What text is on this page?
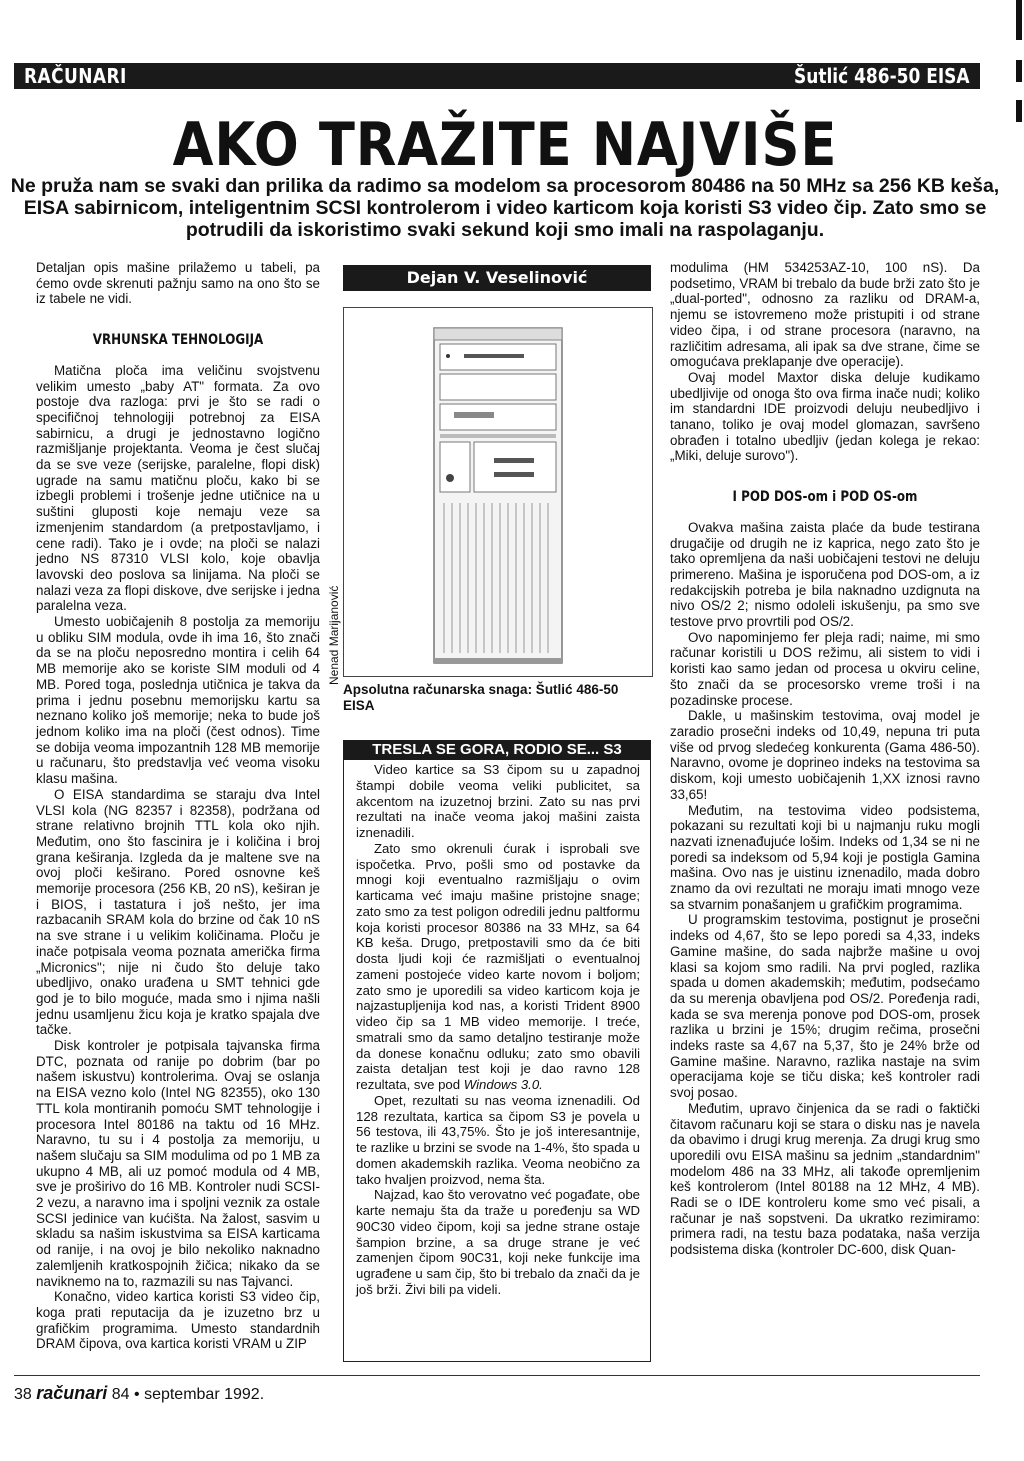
RAČUNARI	Šutlić 486-50 EISA
AKO TRAŽITE NAJVIŠE
Ne pruža nam se svaki dan prilika da radimo sa modelom sa procesorom 80486 na 50 MHz sa 256 KB keša, EISA sabirnicom, inteligentnim SCSI kontrolerom i video karticom koja koristi S3 video čip. Zato smo se potrudili da iskoristimo svaki sekund koji smo imali na raspolaganju.

Detaljan opis mašine prilažemo u tabeli, pa ćemo ovde skrenuti pažnju samo na ono što se iz tabele ne vidi.

VRHUNSKA TEHNOLOGIJA

Matična ploča ima veličinu svojstvenu velikim umesto „baby AT" formata. Za ovo postoje dva razloga: prvi je što se radi o specifičnoj tehnologiji potrebnoj za EISA sabirnicu, a drugi je jednostavno logično razmišljanje projektanta. Veoma je čest slučaj da se sve veze (serijske, paralelne, flopi disk) ugrade na samu matičnu ploču, kako bi se izbegli problemi i trošenje jedne utičnice na u suštini gluposti koje nemaju veze sa izmenjenim standardom (a pretpostavljamo, i cene radi). Tako je i ovde; na ploči se nalazi jedno NS 87310 VLSI kolo, koje obavlja lavovski deo poslova sa linijama. Na ploči se nalazi veza za flopi diskove, dve serijske i jedna paralelna veza.

Umesto uobičajenih 8 postolja za memoriju u obliku SIM modula, ovde ih ima 16, što znači da se na ploču neposredno montira i celih 64 MB memorije ako se koriste SIM moduli od 4 MB. Pored toga, poslednja utičnica je takva da prima i jednu posebnu memorijsku kartu sa neznano koliko još memorije; neka to bude još jednom koliko ima na ploči (čest odnos). Time se dobija veoma impozantnih 128 MB memorije u računaru, što predstavlja već veoma visoku klasu mašina.

O EISA standardima se staraju dva Intel VLSI kola (NG 82357 i 82358), podržana od strane relativno brojnih TTL kola oko njih. Međutim, ono što fascinira je i količina i broj grana keširanja. Izgleda da je maltene sve na ovoj ploči keširano. Pored osnovne keš memorije procesora (256 KB, 20 nS), keširan je i BIOS, i tastatura i još nešto, jer ima razbacanih SRAM kola do brzine od čak 10 nS na sve strane i u velikim količinama. Ploču je inače potpisala veoma poznata američka firma „Micronics"; nije ni čudo što deluje tako ubedljivo, onako urađena u SMT tehnici gde god je to bilo moguće, mada smo i njima našli jednu usamljenu žicu koja je kratko spajala dve tačke.

Disk kontroler je potpisala tajvanska firma DTC, poznata od ranije po dobrim (bar po našem iskustvu) kontrolerima. Ovaj se oslanja na EISA vezno kolo (Intel NG 82355), oko 130 TTL kola montiranih pomoću SMT tehnologije i procesora Intel 80186 na taktu od 16 MHz. Naravno, tu su i 4 postolja za memoriju, u našem slučaju sa SIM modulima od po 1 MB za ukupno 4 MB, ali uz pomoć modula od 4 MB, sve je proširivo do 16 MB. Kontroler nudi SCSI-2 vezu, a naravno ima i spoljni veznik za ostale SCSI jedinice van kućišta. Na žalost, sasvim u skladu sa našim iskustvima sa EISA karticama od ranije, i na ovoj je bilo nekoliko naknadno zalemljenih kratkospojnih žičica; nikako da se naviknemo na to, razmazili su nas Tajvanci.

Konačno, video kartica koristi S3 video čip, koga prati reputacija da je izuzetno brz u grafičkim programima. Umesto standardnih DRAM čipova, ova kartica koristi VRAM u ZIP

Dejan V. Veselinović
Nenad Marijanović
Apsolutna računarska snaga: Šutlić 486-50 EISA
TRESLA SE GORA, RODIO SE... S3

Video kartice sa S3 čipom su u zapadnoj štampi dobile veoma veliki publicitet, sa akcentom na izuzetnoj brzini. Zato su nas prvi rezultati na inače veoma jakoj mašini zaista iznenadili.

Zato smo okrenuli ćurak i isprobali sve ispočetka. Prvo, pošli smo od postavke da mnogi koji eventualno razmišljaju o ovim karticama već imaju mašine pristojne snage; zato smo za test poligon odredili jednu paltformu koja koristi procesor 80386 na 33 MHz, sa 64 KB keša. Drugo, pretpostavili smo da će biti dosta ljudi koji će razmišljati o eventualnoj zameni postojeće video karte novom i boljom; zato smo je uporedili sa video karticom koja je najzastupljenija kod nas, a koristi Trident 8900 video čip sa 1 MB video memorije. I treće, smatrali smo da samo detaljno testiranje može da donese konačnu odluku; zato smo obavili zaista detaljan test koji je dao ravno 128 rezultata, sve pod Windows 3.0.

Opet, rezultati su nas veoma iznenadili. Od 128 rezultata, kartica sa čipom S3 je povela u 56 testova, ili 43,75%. Što je još interesantnije, te razlike u brzini se svode na 1-4%, što spada u domen akademskih razlika. Veoma neobično za tako hvaljen proizvod, nema šta.

Najzad, kao što verovatno već pogađate, obe karte nemaju šta da traže u poređenju sa WD 90C30 video čipom, koji sa jedne strane ostaje šampion brzine, a sa druge strane je već zamenjen čipom 90C31, koji neke funkcije ima ugrađene u sam čip, što bi trebalo da znači da je još brži. Živi bili pa videli.

modulima (HM 534253AZ-10, 100 nS). Da podsetimo, VRAM bi trebalo da bude brži zato što je „dual-ported", odnosno za razliku od DRAM-a, njemu se istovremeno može pristupiti i od strane video čipa, i od strane procesora (naravno, na različitim adresama, ali ipak sa dve strane, čime se omogućava preklapanje dve operacije).

Ovaj model Maxtor diska deluje kudikamo ubedljivije od onoga što ova firma inače nudi; koliko im standardni IDE proizvodi deluju neubedljivo i tanano, toliko je ovaj model glomazan, savršeno obrađen i totalno ubedljiv (jedan kolega je rekao: „Miki, deluje surovo").

I POD DOS-om i POD OS-om

Ovakva mašina zaista plaće da bude testirana drugačije od drugih ne iz kaprica, nego zato što je tako opremljena da naši uobičajeni testovi ne deluju primereno. Mašina je isporučena pod DOS-om, a iz redakcijskih potreba je bila naknadno uzdignuta na nivo OS/2 2; nismo odoleli iskušenju, pa smo sve testove prvo provrtili pod OS/2.

Ovo napominjemo fer pleja radi; naime, mi smo računar koristili u DOS režimu, ali sistem to vidi i koristi kao samo jedan od procesa u okviru celine, što znači da se procesorsko vreme troši i na pozadinske procese.

Dakle, u mašinskim testovima, ovaj model je zaradio prosečni indeks od 10,49, nepuna tri puta više od prvog sledećeg konkurenta (Gama 486-50). Naravno, ovome je doprineo indeks na testovima sa diskom, koji umesto uobičajenih 1,XX iznosi ravno 33,65!

Međutim, na testovima video podsistema, pokazani su rezultati koji bi u najmanju ruku mogli nazvati iznenađujuće lošim. Indeks od 1,34 se ni ne poredi sa indeksom od 5,94 koji je postigla Gamina mašina. Ovo nas je uistinu iznenadilo, mada dobro znamo da ovi rezultati ne moraju imati mnogo veze sa stvarnim ponašanjem u grafičkim programima.

U programskim testovima, postignut je prosečni indeks od 4,67, što se lepo poredi sa 4,33, indeks Gamine mašine, do sada najbrže mašine u ovoj klasi sa kojom smo radili. Na prvi pogled, razlika spada u domen akademskih; međutim, podsećamo da su merenja obavljena pod OS/2. Poređenja radi, kada se sva merenja ponove pod DOS-om, prosek razlika u brzini je 15%; drugim rečima, prosečni indeks raste sa 4,67 na 5,37, što je 24% brže od Gamine mašine. Naravno, razlika nastaje na svim operacijama koje se tiču diska; keš kontroler radi svoj posao.

Međutim, upravo činjenica da se radi o faktički čitavom računaru koji se stara o disku nas je navela da obavimo i drugi krug merenja. Za drugi krug smo uporedili ovu EISA mašinu sa jednim „standardnim" modelom 486 na 33 MHz, ali takođe opremljenim keš kontrolerom (Intel 80188 na 12 MHz, 4 MB). Radi se o IDE kontroleru kome smo već pisali, a računar je naš sopstveni. Da ukratko rezimiramo: primera radi, na testu baza podataka, naša verzija podsistema diska (kontroler DC-600, disk Quan-

38 računari 84 • septembar 1992.
